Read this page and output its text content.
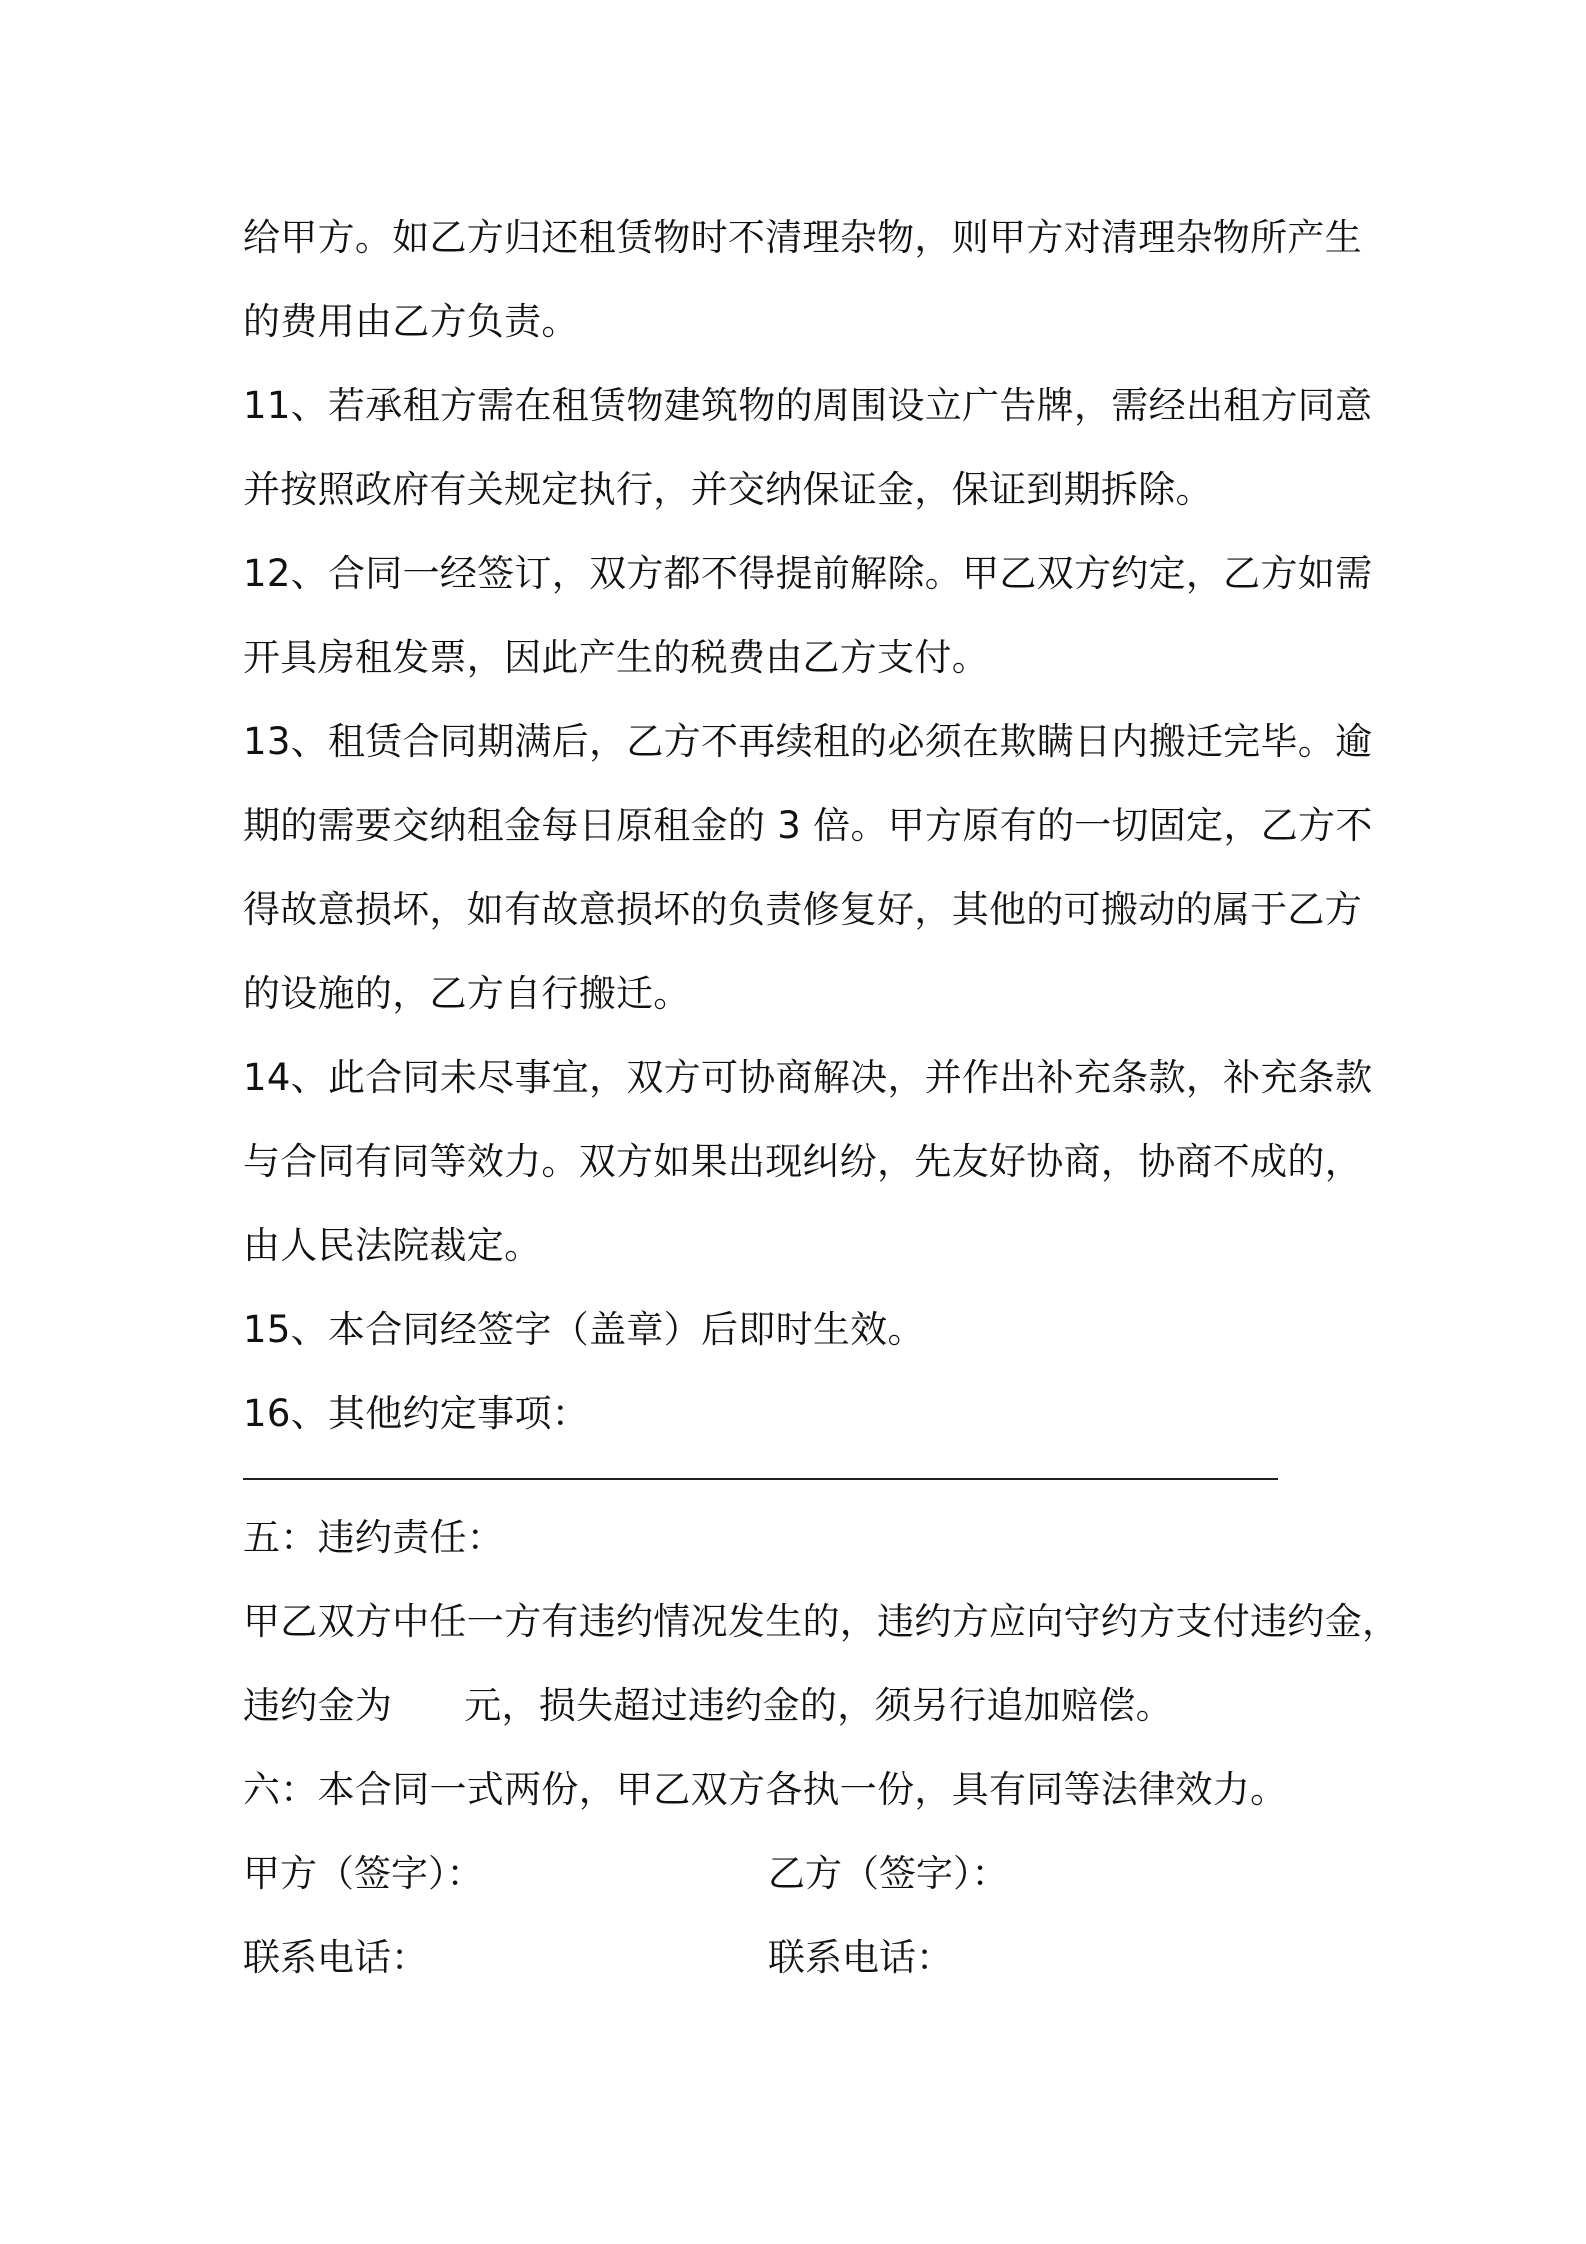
给甲方。如乙方归还租赁物时不清理杂物，则甲方对清理杂物所产生
的费用由乙方负责。
11、若承租方需在租赁物建筑物的周围设立广告牌，需经出租方同意
并按照政府有关规定执行，并交纳保证金，保证到期拆除。
12、合同一经签订，双方都不得提前解除。甲乙双方约定，乙方如需
开具房租发票，因此产生的税费由乙方支付。
13、租赁合同期满后，乙方不再续租的必须在欺瞒日内搬迁完毕。逾
期的需要交纳租金每日原租金的 3 倍。甲方原有的一切固定，乙方不
得故意损坏，如有故意损坏的负责修复好，其他的可搬动的属于乙方
的设施的，乙方自行搬迁。
14、此合同未尽事宜，双方可协商解决，并作出补充条款，补充条款
与合同有同等效力。双方如果出现纠纷，先友好协商，协商不成的，
由人民法院裁定。
15、本合同经签字（盖章）后即时生效。
16、其他约定事项：
五：违约责任：
甲乙双方中任一方有违约情况发生的，违约方应向守约方支付违约金，
违约金为 元，损失超过违约金的，须另行追加赔偿。
六：本合同一式两份，甲乙双方各执一份，具有同等法律效力。
甲方（签字）：	乙方（签字）：
联系电话：	联系电话：
